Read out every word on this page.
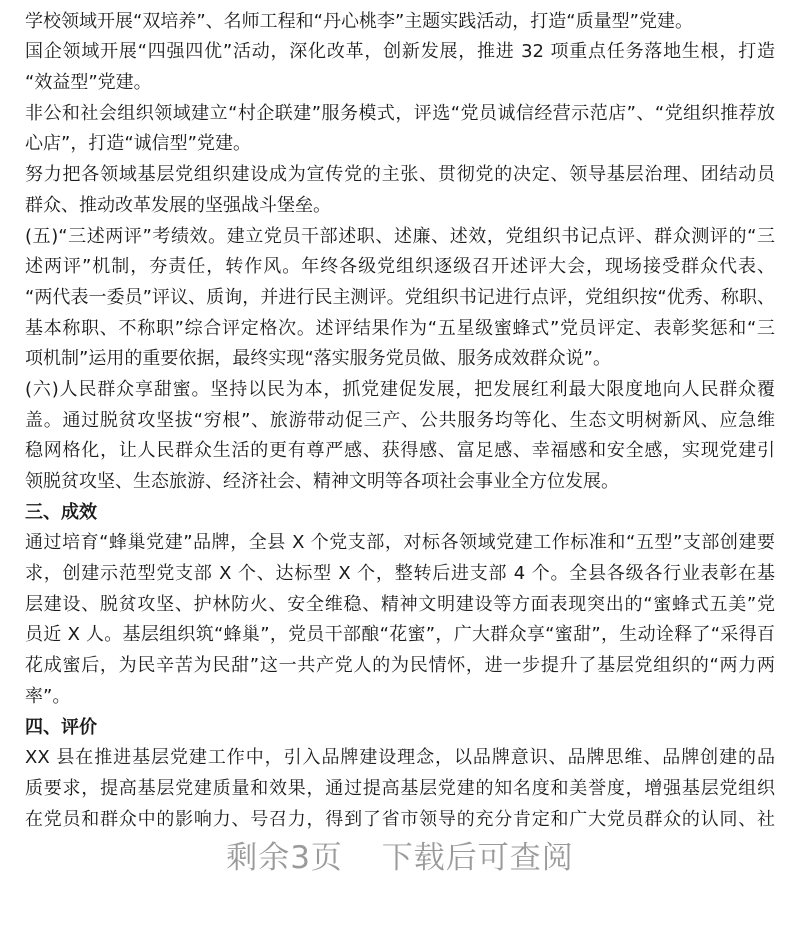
学校领域开展“双培养”、名师工程和“丹心桃李”主题实践活动，打造“质量型”党建。
国企领域开展“四强四优”活动，深化改革，创新发展，推进 32 项重点任务落地生根，打造
“效益型”党建。
非公和社会组织领域建立“村企联建”服务模式，评选“党员诚信经营示范店”、“党组织推荐放
心店”，打造“诚信型”党建。
努力把各领域基层党组织建设成为宣传党的主张、贯彻党的决定、领导基层治理、团结动员
群众、推动改革发展的坚强战斗堡垒。
(五)“三述两评”考绩效。建立党员干部述职、述廉、述效，党组织书记点评、群众测评的“三
述两评”机制，夯责任，转作风。年终各级党组织逐级召开述评大会，现场接受群众代表、
“两代表一委员”评议、质询，并进行民主测评。党组织书记进行点评，党组织按“优秀、称职、
基本称职、不称职”综合评定格次。述评结果作为“五星级蜜蜂式”党员评定、表彰奖惩和“三
项机制”运用的重要依据，最终实现“落实服务党员做、服务成效群众说”。
(六)人民群众享甜蜜。坚持以民为本，抓党建促发展，把发展红利最大限度地向人民群众覆
盖。通过脱贫攻坚拔“穷根”、旅游带动促三产、公共服务均等化、生态文明树新风、应急维
稳网格化，让人民群众生活的更有尊严感、获得感、富足感、幸福感和安全感，实现党建引
领脱贫攻坚、生态旅游、经济社会、精神文明等各项社会事业全方位发展。
三、成效
通过培育“蜂巢党建”品牌，全县 X 个党支部，对标各领域党建工作标准和“五型”支部创建要
求，创建示范型党支部 X 个、达标型 X 个，整转后进支部 4 个。全县各级各行业表彰在基
层建设、脱贫攻坚、护林防火、安全维稳、精神文明建设等方面表现突出的“蜜蜂式五美”党
员近 X 人。基层组织筑“蜂巢”，党员干部酿“花蜜”，广大群众享“蜜甜”，生动诠释了“采得百
花成蜜后，为民辛苦为民甜”这一共产党人的为民情怀，进一步提升了基层党组织的“两力两
率”。
四、评价
XX 县在推进基层党建工作中，引入品牌建设理念，以品牌意识、品牌思维、品牌创建的品
质要求，提高基层党建质量和效果，通过提高基层党建的知名度和美誉度，增强基层党组织
在党员和群众中的影响力、号召力，得到了省市领导的充分肯定和广大党员群众的认同、社
剩余3页 下载后可查阅
